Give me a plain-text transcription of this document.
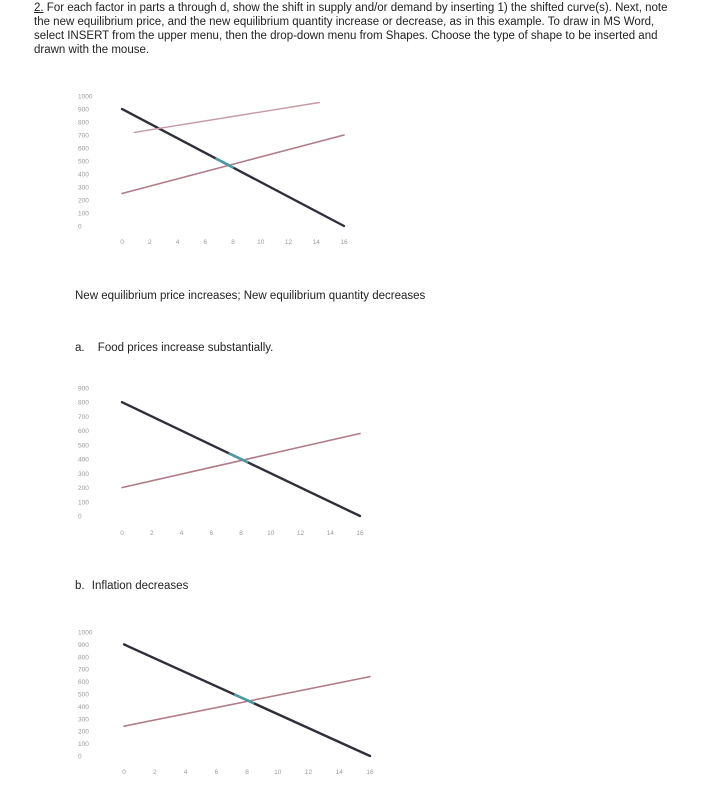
2. For each factor in parts a through d, show the shift in supply and/or demand by inserting 1) the shifted curve(s). Next, note the new equilibrium price, and the new equilibrium quantity increase or decrease, as in this example. To draw in MS Word, select INSERT from the upper menu, then the drop-down menu from Shapes. Choose the type of shape to be inserted and drawn with the mouse.
1000
900
800
700
600
500
400
300
200
100
0
0	2	4	6	8	10	12	14	16
New equilibrium price increases; New equilibrium quantity decreases
a. Food prices increase substantially.
900
800
700
600
500
400
300
200
100
0
0	2	4	6	8	10	12	14	16
b. Inflation decreases
1000
900
800
700
600
500
400
300
200
100
0
0	2	4	6	8	10	12	14	16
